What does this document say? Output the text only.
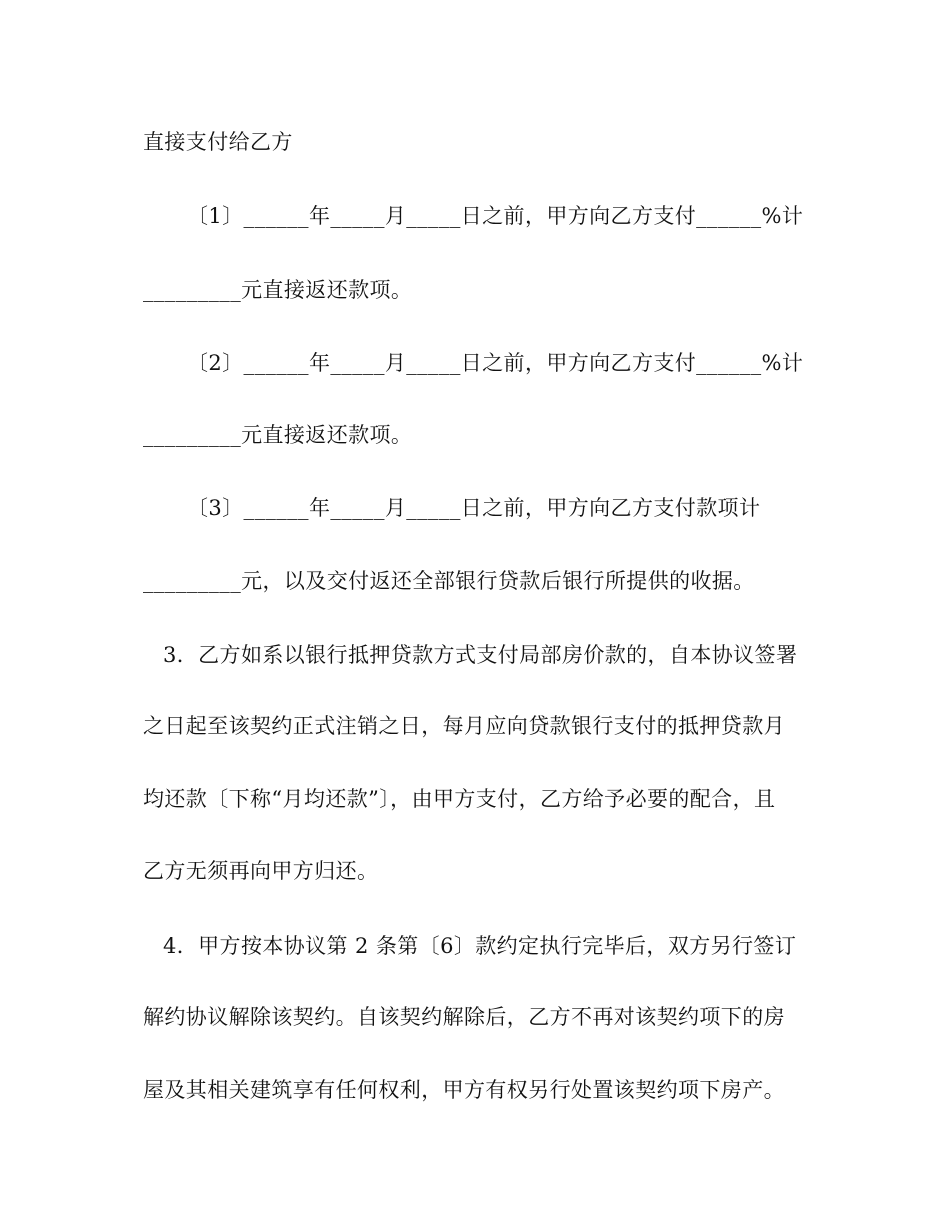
直接支付给乙方
〔1〕______年_____月_____日之前，甲方向乙方支付______%计
_________元直接返还款项。
〔2〕______年_____月_____日之前，甲方向乙方支付______%计
_________元直接返还款项。
〔3〕______年_____月_____日之前，甲方向乙方支付款项计
_________元，以及交付返还全部银行贷款后银行所提供的收据。
3．乙方如系以银行抵押贷款方式支付局部房价款的，自本协议签署
之日起至该契约正式注销之日，每月应向贷款银行支付的抵押贷款月
均还款〔下称“月均还款”〕，由甲方支付，乙方给予必要的配合，且
乙方无须再向甲方归还。
4．甲方按本协议第 2 条第〔6〕款约定执行完毕后，双方另行签订
解约协议解除该契约。自该契约解除后，乙方不再对该契约项下的房
屋及其相关建筑享有任何权利，甲方有权另行处置该契约项下房产。
